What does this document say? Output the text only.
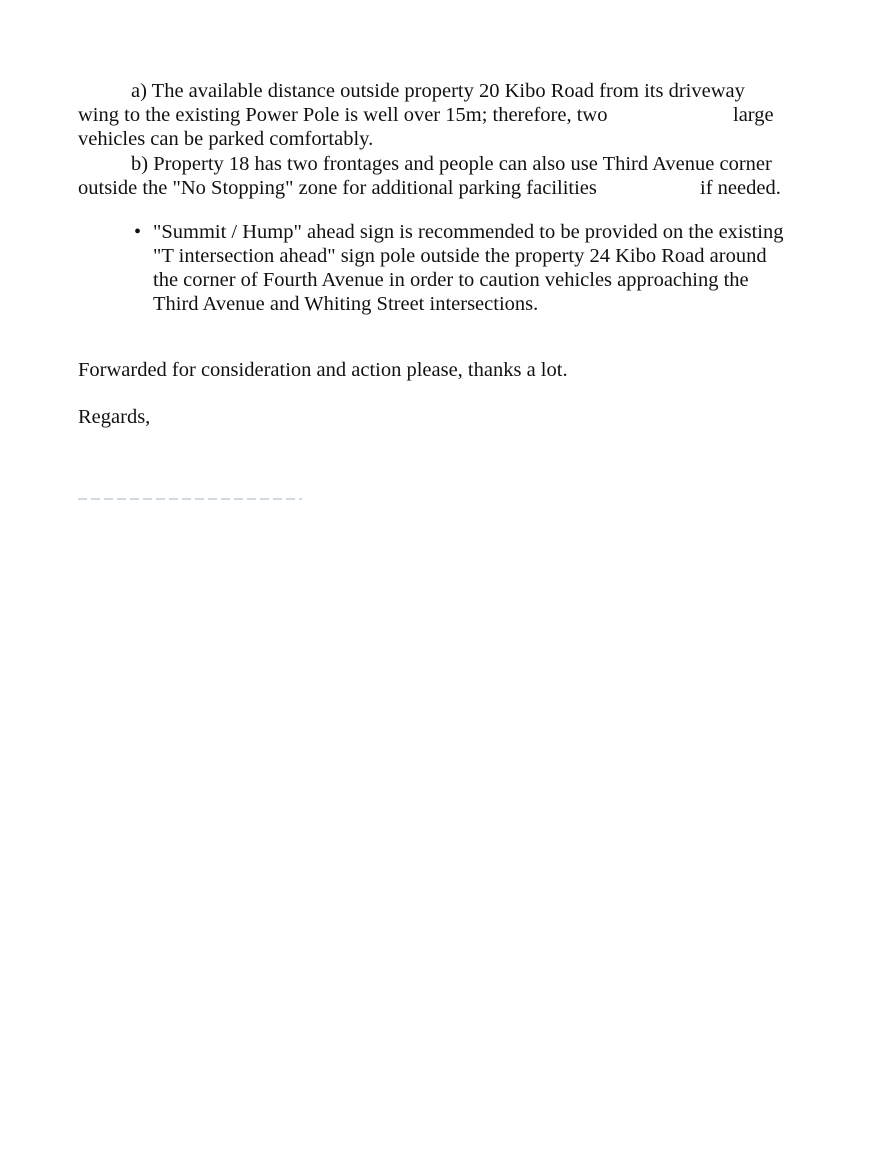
a) The available distance outside property 20 Kibo Road from its driveway
wing to the existing Power Pole is well over 15m; therefore, two	large
vehicles can be parked comfortably.
b) Property 18 has two frontages and people can also use Third Avenue corner
outside the "No Stopping" zone for additional parking facilities	if needed.
• "Summit / Hump" ahead sign is recommended to be provided on the existing
"T intersection ahead" sign pole outside the property 24 Kibo Road around
the corner of Fourth Avenue in order to caution vehicles approaching the
Third Avenue and Whiting Street intersections.
Forwarded for consideration and action please, thanks a lot.
Regards,
